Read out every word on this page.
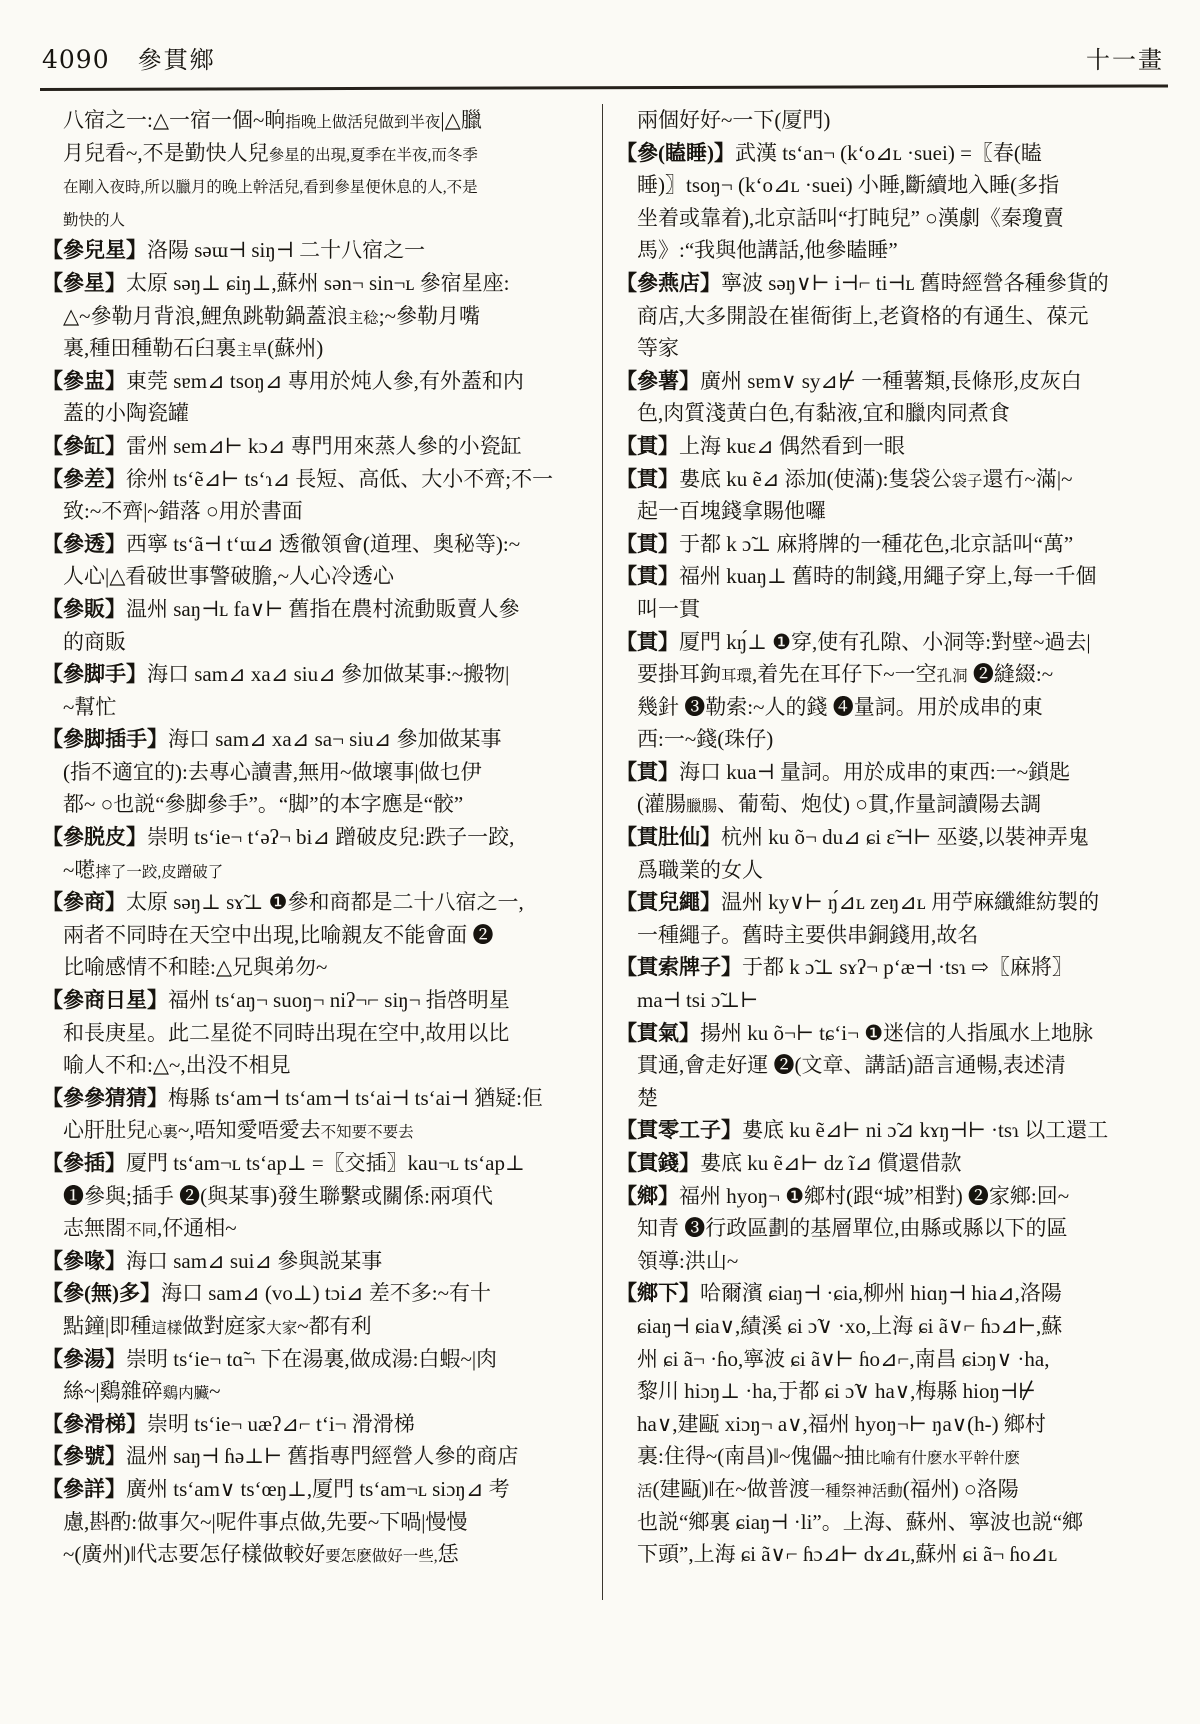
4090 參貫鄉	十一畫
八宿之一:△一宿一個~晌指晚上做活兒做到半夜|△臘
月兒看~,不是勤快人兒參星的出現,夏季在半夜,而冬季
在剛入夜時,所以臘月的晚上幹活兒,看到參星便休息的人,不是
勤快的人
【參兒星】洛陽 səɯ⊣ siŋ⊣ 二十八宿之一
【參星】太原 səŋ⊥ ɕiŋ⊥,蘇州 sən¬ sin¬ʟ 參宿星座:
△~參勒月背浪,鯉魚跳勒鍋蓋浪主稔;~參勒月嘴
裏,種田種勒石臼裏主旱(蘇州)
【參盅】東莞 sɐm⊿ tsoŋ⊿ 專用於炖人參,有外蓋和内
蓋的小陶瓷罐
【參缸】雷州 sem⊿⊢ kɔ⊿ 專門用來蒸人參的小瓷缸
【參差】徐州 tsʻẽ⊿⊢ tsʻɿ⊿ 長短、高低、大小不齊;不一
致:~不齊|~錯落 ○用於書面
【參透】西寧 tsʻã⊣ tʻɯ⊿ 透徹領會(道理、奥秘等):~
人心|△看破世事警破膽,~人心冷透心
【參販】温州 saŋ⊣ʟ fa∨⊢ 舊指在農村流動販賣人參
的商販
【參脚手】海口 sam⊿ xa⊿ siu⊿ 參加做某事:~搬物|
~幫忙
【參脚插手】海口 sam⊿ xa⊿ sa¬ siu⊿ 參加做某事
(指不適宜的):去專心讀書,無用~做壞事|做乜伊
都~ ○也説“參脚參手”。“脚”的本字應是“骹”
【參脱皮】崇明 tsʻie¬ tʻəʔ¬ bi⊿ 蹭破皮兒:跌子一跤,
~㘃摔了一跤,皮蹭破了
【參商】太原 səŋ⊥ sɤ̃⊥ ❶參和商都是二十八宿之一,
兩者不同時在天空中出現,比喻親友不能會面 ❷
比喻感情不和睦:△兄與弟勿~
【參商日星】福州 tsʻaŋ¬ suoŋ¬ niʔ¬⌐ siŋ¬ 指啓明星
和長庚星。此二星從不同時出現在空中,故用以比
喻人不和:△~,出没不相見
【參參猜猜】梅縣 tsʻam⊣ tsʻam⊣ tsʻai⊣ tsʻai⊣ 猶疑:佢
心肝肚兒心裏~,唔知愛唔愛去不知要不要去
【參插】厦門 tsʻam¬ʟ tsʻap⊥ =〖交插〗kau¬ʟ tsʻap⊥
❶參與;插手 ❷(與某事)發生聯繫或關係:兩項代
志無閤不同,伓通相~
【參喙】海口 sam⊿ sui⊿ 參與説某事
【參(無)多】海口 sam⊿ (vo⊥) tɔi⊿ 差不多:~有十
點鐘|即種這樣做對庭家大家~都有利
【參湯】崇明 tsʻie¬ tɑ̃¬ 下在湯裏,做成湯:白蝦~|肉
絲~|鷄雜碎鷄内臟~
【參滑梯】崇明 tsʻie¬ uæʔ⊿⌐ tʻi¬ 滑滑梯
【參號】温州 saŋ⊣ ɦə⊥⊢ 舊指專門經營人參的商店
【參詳】廣州 tsʻam∨ tsʻœŋ⊥,厦門 tsʻam¬ʟ siɔŋ⊿ 考
慮,斟酌:做事欠~|呢件事点做,先要~下喎|慢慢
~(廣州)‖代志要怎仔樣做較好要怎麽做好一些,恁
兩個好好~一下(厦門)
【參(瞌睡)】武漢 tsʻan¬ (kʻo⊿ʟ ·suei) =〖春(瞌
睡)〗tsoŋ¬ (kʻo⊿ʟ ·suei) 小睡,斷續地入睡(多指
坐着或靠着),北京話叫“打盹兒” ○漢劇《秦瓊賣
馬》:“我與他講話,他參瞌睡”
【參燕店】寧波 səŋ∨⊢ i⊣⌐ ti⊣ʟ 舊時經營各種參貨的
商店,大多開設在崔衙街上,老資格的有通生、葆元
等家
【參薯】廣州 sɐm∨ sy⊿⊬ 一種薯類,長條形,皮灰白
色,肉質淺黄白色,有黏液,宜和臘肉同煮食
【貫】上海 kuɛ⊿ 偶然看到一眼
【貫】婁底 ku ẽ⊿ 添加(使滿):隻袋公袋子還冇~滿|~
起一百塊錢拿賜他囉
【貫】于都 k ɔ̃⊥ 麻將牌的一種花色,北京話叫“萬”
【貫】福州 kuaŋ⊥ 舊時的制錢,用繩子穿上,每一千個
叫一貫
【貫】厦門 kŋ́⊥ ❶穿,使有孔隙、小洞等:對壁~過去|
要掛耳鉤耳環,着先在耳仔下~一空孔洞 ❷縫綴:~
幾針 ❸勒索:~人的錢 ❹量詞。用於成串的東
西:一~錢(珠仔)
【貫】海口 kua⊣ 量詞。用於成串的東西:一~鎖匙
(灌腸臘腸、葡萄、炮仗) ○貫,作量詞讀陽去調
【貫肚仙】杭州 ku õ¬ du⊿ ɕi ɛ̃⊣⊢ 巫婆,以裝神弄鬼
爲職業的女人
【貫兒繩】温州 ky∨⊢ ŋ́⊿ʟ zeŋ⊿ʟ 用苧麻纖維紡製的
一種繩子。舊時主要供串銅錢用,故名
【貫索牌子】于都 k ɔ̃⊥ sɤʔ¬ pʻæ⊣ ·tsɿ ⇨〖麻將〗
ma⊣ tsi ɔ̃⊥⊢
【貫氣】揚州 ku õ¬⊢ tɕʻi¬ ❶迷信的人指風水上地脉
貫通,會走好運 ❷(文章、講話)語言通暢,表述清
楚
【貫零工子】婁底 ku ẽ⊿⊢ ni ɔ̃⊿ kɤŋ⊣⊢ ·tsɿ 以工還工
【貫錢】婁底 ku ẽ⊿⊢ dz ĩ⊿ 償還借款
【鄉】福州 hyoŋ¬ ❶鄉村(跟“城”相對) ❷家鄉:回~
知青 ❸行政區劃的基層單位,由縣或縣以下的區
領導:洪山~
【鄉下】哈爾濱 ɕiaŋ⊣ ·ɕia,柳州 hiɑŋ⊣ hia⊿,洛陽
ɕiaŋ⊣ ɕia∨,績溪 ɕi ɔ̃∨ ·xo,上海 ɕi ã∨⌐ ɦɔ⊿⊢,蘇
州 ɕi ã¬ ·ɦo,寧波 ɕi ã∨⊢ ɦo⊿⌐,南昌 ɕiɔŋ∨ ·ha,
黎川 hiɔŋ⊥ ·ha,于都 ɕi ɔ̃∨ ha∨,梅縣 hioŋ⊣⊬
ha∨,建甌 xiɔŋ¬ a∨,福州 hyoŋ¬⊢ ŋa∨(h-) 鄉村
裏:住得~(南昌)‖~傀儡~抽比喻有什麽水平幹什麽
活(建甌)‖在~做普渡一種祭神活動(福州) ○洛陽
也説“鄉裏 ɕiaŋ⊣ ·li”。上海、蘇州、寧波也説“鄉
下頭”,上海 ɕi ã∨⌐ ɦɔ⊿⊢ dɤ⊿ʟ,蘇州 ɕi ã¬ ɦo⊿ʟ
